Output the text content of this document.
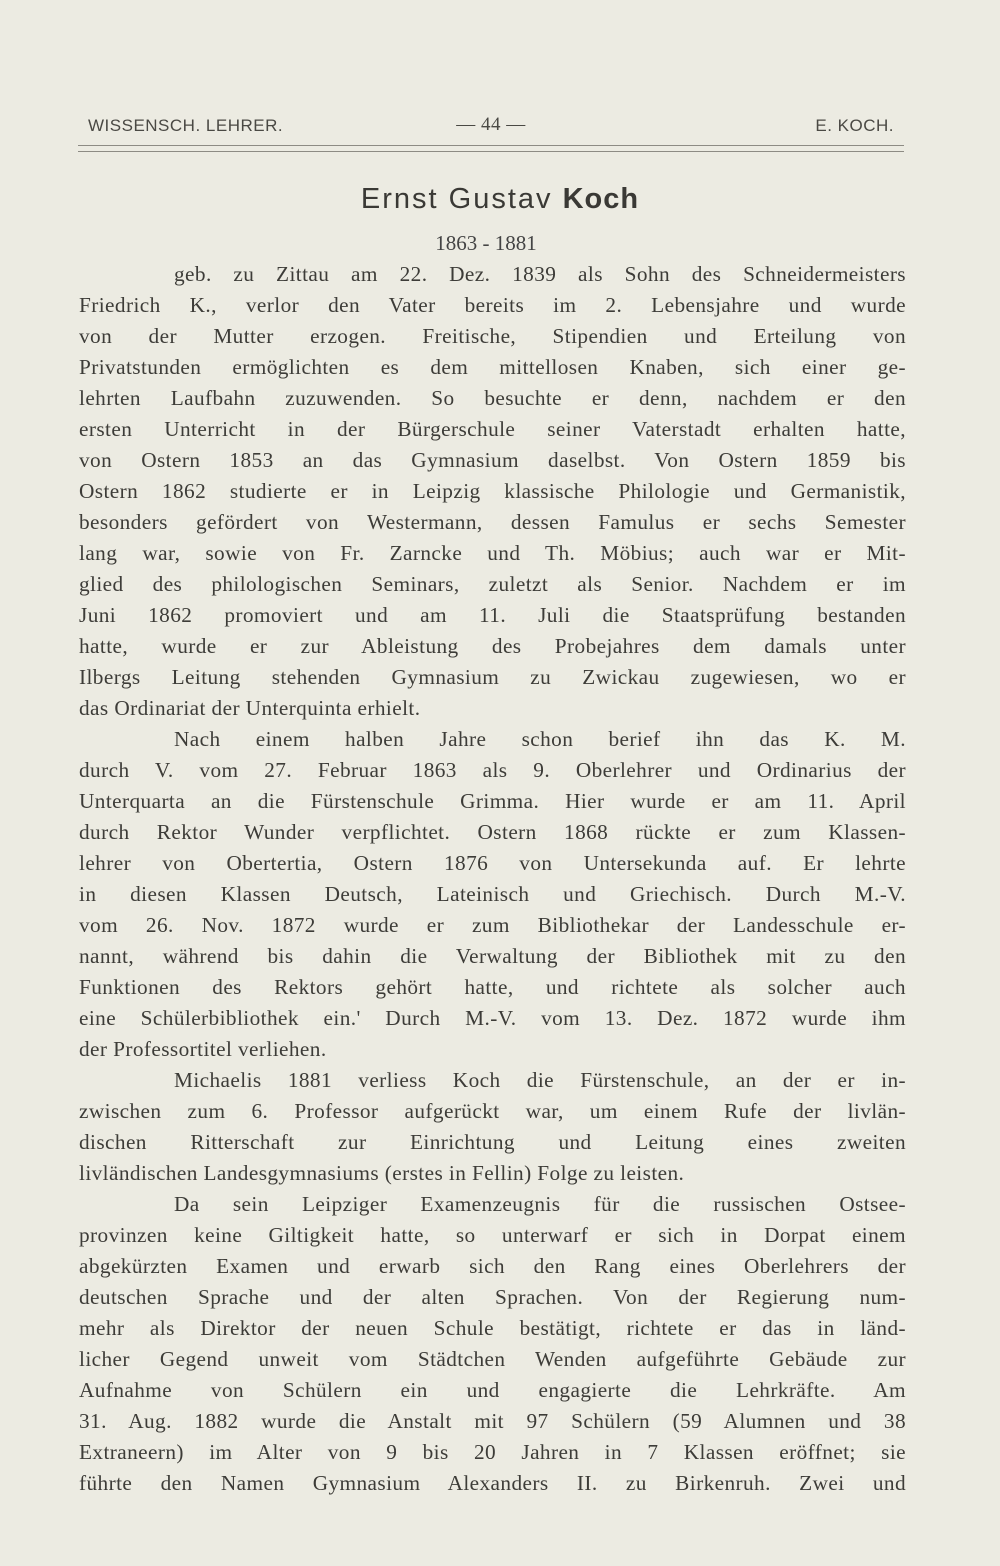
WISSENSCH. LEHRER.	— 44 —	E. KOCH.
Ernst Gustav Koch
1863 - 1881
geb. zu Zittau am 22. Dez. 1839 als Sohn des Schneidermeisters
Friedrich K., verlor den Vater bereits im 2. Lebensjahre und wurde
von der Mutter erzogen. Freitische, Stipendien und Erteilung von
Privatstunden ermöglichten es dem mittellosen Knaben, sich einer ge-
lehrten Laufbahn zuzuwenden. So besuchte er denn, nachdem er den
ersten Unterricht in der Bürgerschule seiner Vaterstadt erhalten hatte,
von Ostern 1853 an das Gymnasium daselbst. Von Ostern 1859 bis
Ostern 1862 studierte er in Leipzig klassische Philologie und Germanistik,
besonders gefördert von Westermann, dessen Famulus er sechs Semester
lang war, sowie von Fr. Zarncke und Th. Möbius; auch war er Mit-
glied des philologischen Seminars, zuletzt als Senior. Nachdem er im
Juni 1862 promoviert und am 11. Juli die Staatsprüfung bestanden
hatte, wurde er zur Ableistung des Probejahres dem damals unter
Ilbergs Leitung stehenden Gymnasium zu Zwickau zugewiesen, wo er
das Ordinariat der Unterquinta erhielt.
Nach einem halben Jahre schon berief ihn das K. M.
durch V. vom 27. Februar 1863 als 9. Oberlehrer und Ordinarius der
Unterquarta an die Fürstenschule Grimma. Hier wurde er am 11. April
durch Rektor Wunder verpflichtet. Ostern 1868 rückte er zum Klassen-
lehrer von Obertertia, Ostern 1876 von Untersekunda auf. Er lehrte
in diesen Klassen Deutsch, Lateinisch und Griechisch. Durch M.-V.
vom 26. Nov. 1872 wurde er zum Bibliothekar der Landesschule er-
nannt, während bis dahin die Verwaltung der Bibliothek mit zu den
Funktionen des Rektors gehört hatte, und richtete als solcher auch
eine Schülerbibliothek ein.' Durch M.-V. vom 13. Dez. 1872 wurde ihm
der Professortitel verliehen.
Michaelis 1881 verliess Koch die Fürstenschule, an der er in-
zwischen zum 6. Professor aufgerückt war, um einem Rufe der livlän-
dischen Ritterschaft zur Einrichtung und Leitung eines zweiten
livländischen Landesgymnasiums (erstes in Fellin) Folge zu leisten.
Da sein Leipziger Examenzeugnis für die russischen Ostsee-
provinzen keine Giltigkeit hatte, so unterwarf er sich in Dorpat einem
abgekürzten Examen und erwarb sich den Rang eines Oberlehrers der
deutschen Sprache und der alten Sprachen. Von der Regierung num-
mehr als Direktor der neuen Schule bestätigt, richtete er das in länd-
licher Gegend unweit vom Städtchen Wenden aufgeführte Gebäude zur
Aufnahme von Schülern ein und engagierte die Lehrkräfte. Am
31. Aug. 1882 wurde die Anstalt mit 97 Schülern (59 Alumnen und 38
Extraneern) im Alter von 9 bis 20 Jahren in 7 Klassen eröffnet; sie
führte den Namen Gymnasium Alexanders II. zu Birkenruh. Zwei und
